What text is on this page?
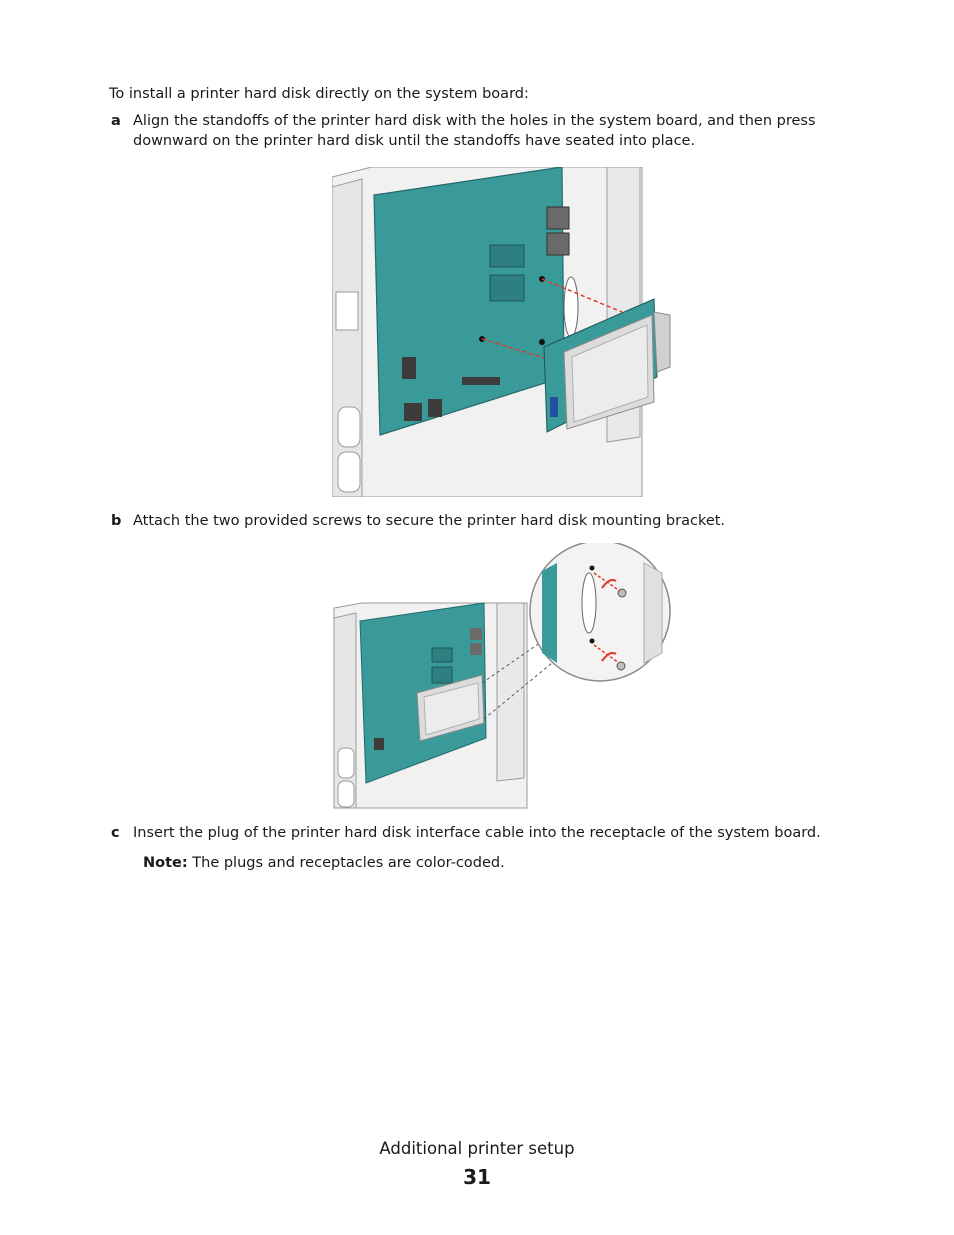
To install a printer hard disk directly on the system board:
a Align the standoffs of the printer hard disk with the holes in the system board, and then press downward on the printer hard disk until the standoffs have seated into place.
b Attach the two provided screws to secure the printer hard disk mounting bracket.
c Insert the plug of the printer hard disk interface cable into the receptacle of the system board.
Note: The plugs and receptacles are color-coded.
Additional printer setup
31
